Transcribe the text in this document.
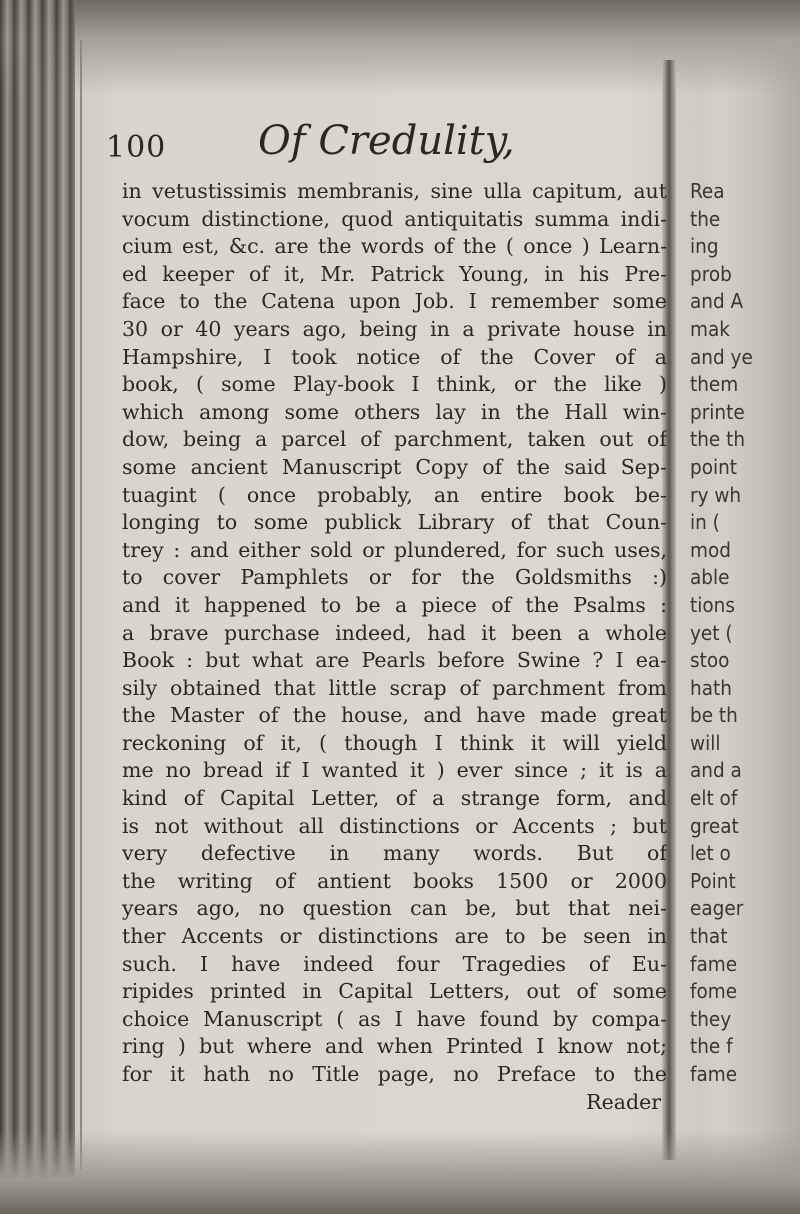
100 Of Credulity,
in vetustissimis membranis, sine ulla capitum, aut
vocum distinctione, quod antiquitatis summa indi-
cium est, &c. are the words of the ( once ) Learn-
ed keeper of it, Mr. Patrick Young, in his Pre-
face to the Catena upon Job. I remember some
30 or 40 years ago, being in a private house in
Hampshire, I took notice of the Cover of a
book, ( some Play-book I think, or the like )
which among some others lay in the Hall win-
dow, being a parcel of parchment, taken out of
some ancient Manuscript Copy of the said Sep-
tuagint ( once probably, an entire book be-
longing to some publick Library of that Coun-
trey : and either sold or plundered, for such uses,
to cover Pamphlets or for the Goldsmiths :)
and it happened to be a piece of the Psalms :
a brave purchase indeed, had it been a whole
Book : but what are Pearls before Swine ? I ea-
sily obtained that little scrap of parchment from
the Master of the house, and have made great
reckoning of it, ( though I think it will yield
me no bread if I wanted it ) ever since ; it is a
kind of Capital Letter, of a strange form, and
is not without all distinctions or Accents ; but
very defective in many words. But of
the writing of antient books 1500 or 2000
years ago, no question can be, but that nei-
ther Accents or distinctions are to be seen in
such. I have indeed four Tragedies of Eu-
ripides printed in Capital Letters, out of some
choice Manuscript ( as I have found by compa-
ring ) but where and when Printed I know not;
for it hath no Title page, no Preface to the
Reader
Rea
the
ing
prob
and A
mak
and ye
them
printe
the th
point
ry wh
in (
mod
able
tions
yet (
stoo
hath
be th
will
and a
elt of
great
let o
Point
eager
that
fame
fome
they
the f
fame
